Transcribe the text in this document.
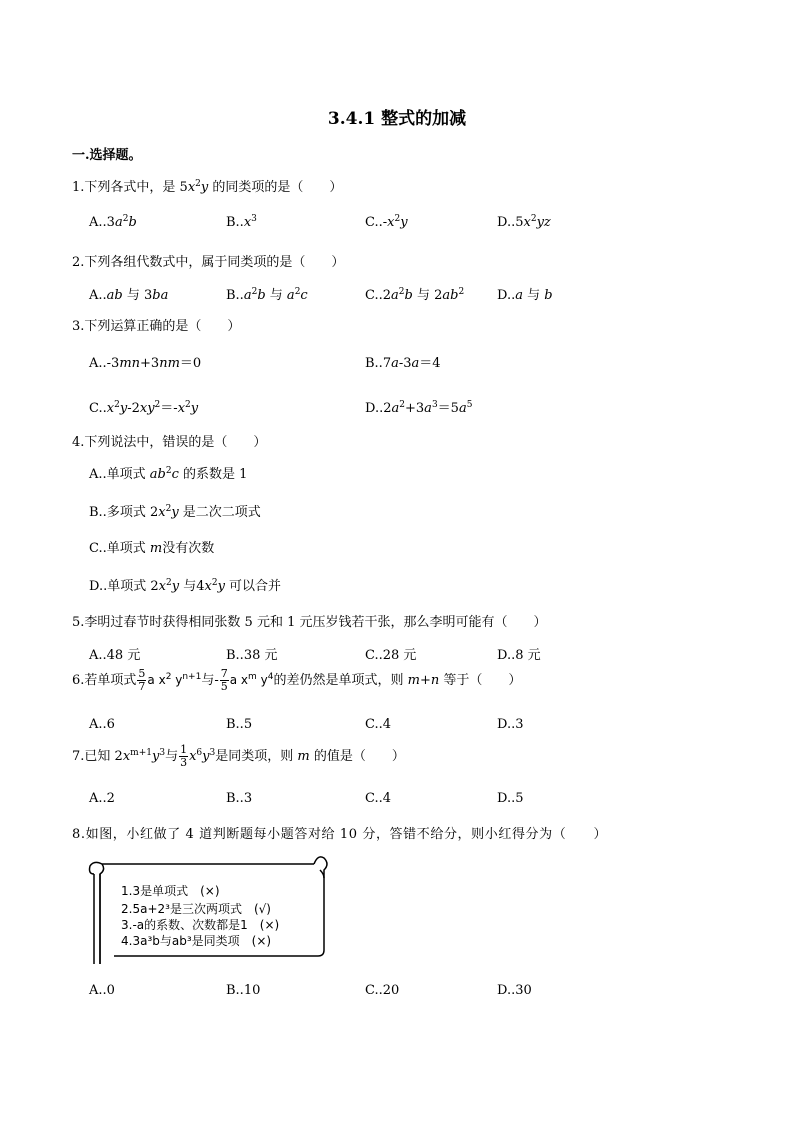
3.4.1 整式的加减
一.选择题。
1.下列各式中，是 $5x^2y$ 的同类项的是（　　）
$A..3a^2b$	$B..x^3$	$C..-x^2y$	$D..5x^2yz$
2.下列各组代数式中，属于同类项的是（　　）
A..ab 与 3ba	$B..a^2b$ 与 $a^2c$	$C..2a^2b$ 与 $2ab^2$	D..a 与 b
3.下列运算正确的是（　　）
A..-3mn+3nm＝0	B..7a-3a＝4
$C..x^2y-2xy^2=-x^2y$	$D..2a^2+3a^3=5a^5$
4.下列说法中，错误的是（　　）
A..单项式 $ab^2c$ 的系数是 1
B..多项式 $2x^2y$ 是二次二项式
C..单项式 m没有次数
D..单项式 $2x^2y$ 与$4x^2y$ 可以合并
5.李明过春节时获得相同张数 5 元和 1 元压岁钱若干张，那么李明可能有（　　）
A..48 元	B..38 元	C..28 元	D..8 元
6.若单项式 $\frac{5}{7}$ a $x^2$ $y^{n+1}$与- $\frac{7}{5}$ a $x^m$ $y^4$的差仍然是单项式，则 m+n 等于（　　）
A..6	B..5	C..4	D..3
7.已知 $2x^{m+1}y^3$与 $\frac{1}{3} x^6y^3$是同类项，则 m 的值是（　　）
A..2	B..3	C..4	D..5
8.如图，小红做了 4 道判断题每小题答对给 10 分，答错不给分，则小红得分为（　　）
1.3是单项式　(×)
2.5a+2³是三次两项式　(√)
3.-a的系数、次数都是1　(×)
4.3a³b与ab³是同类项　(×)
A..0	B..10	C..20	D..30
